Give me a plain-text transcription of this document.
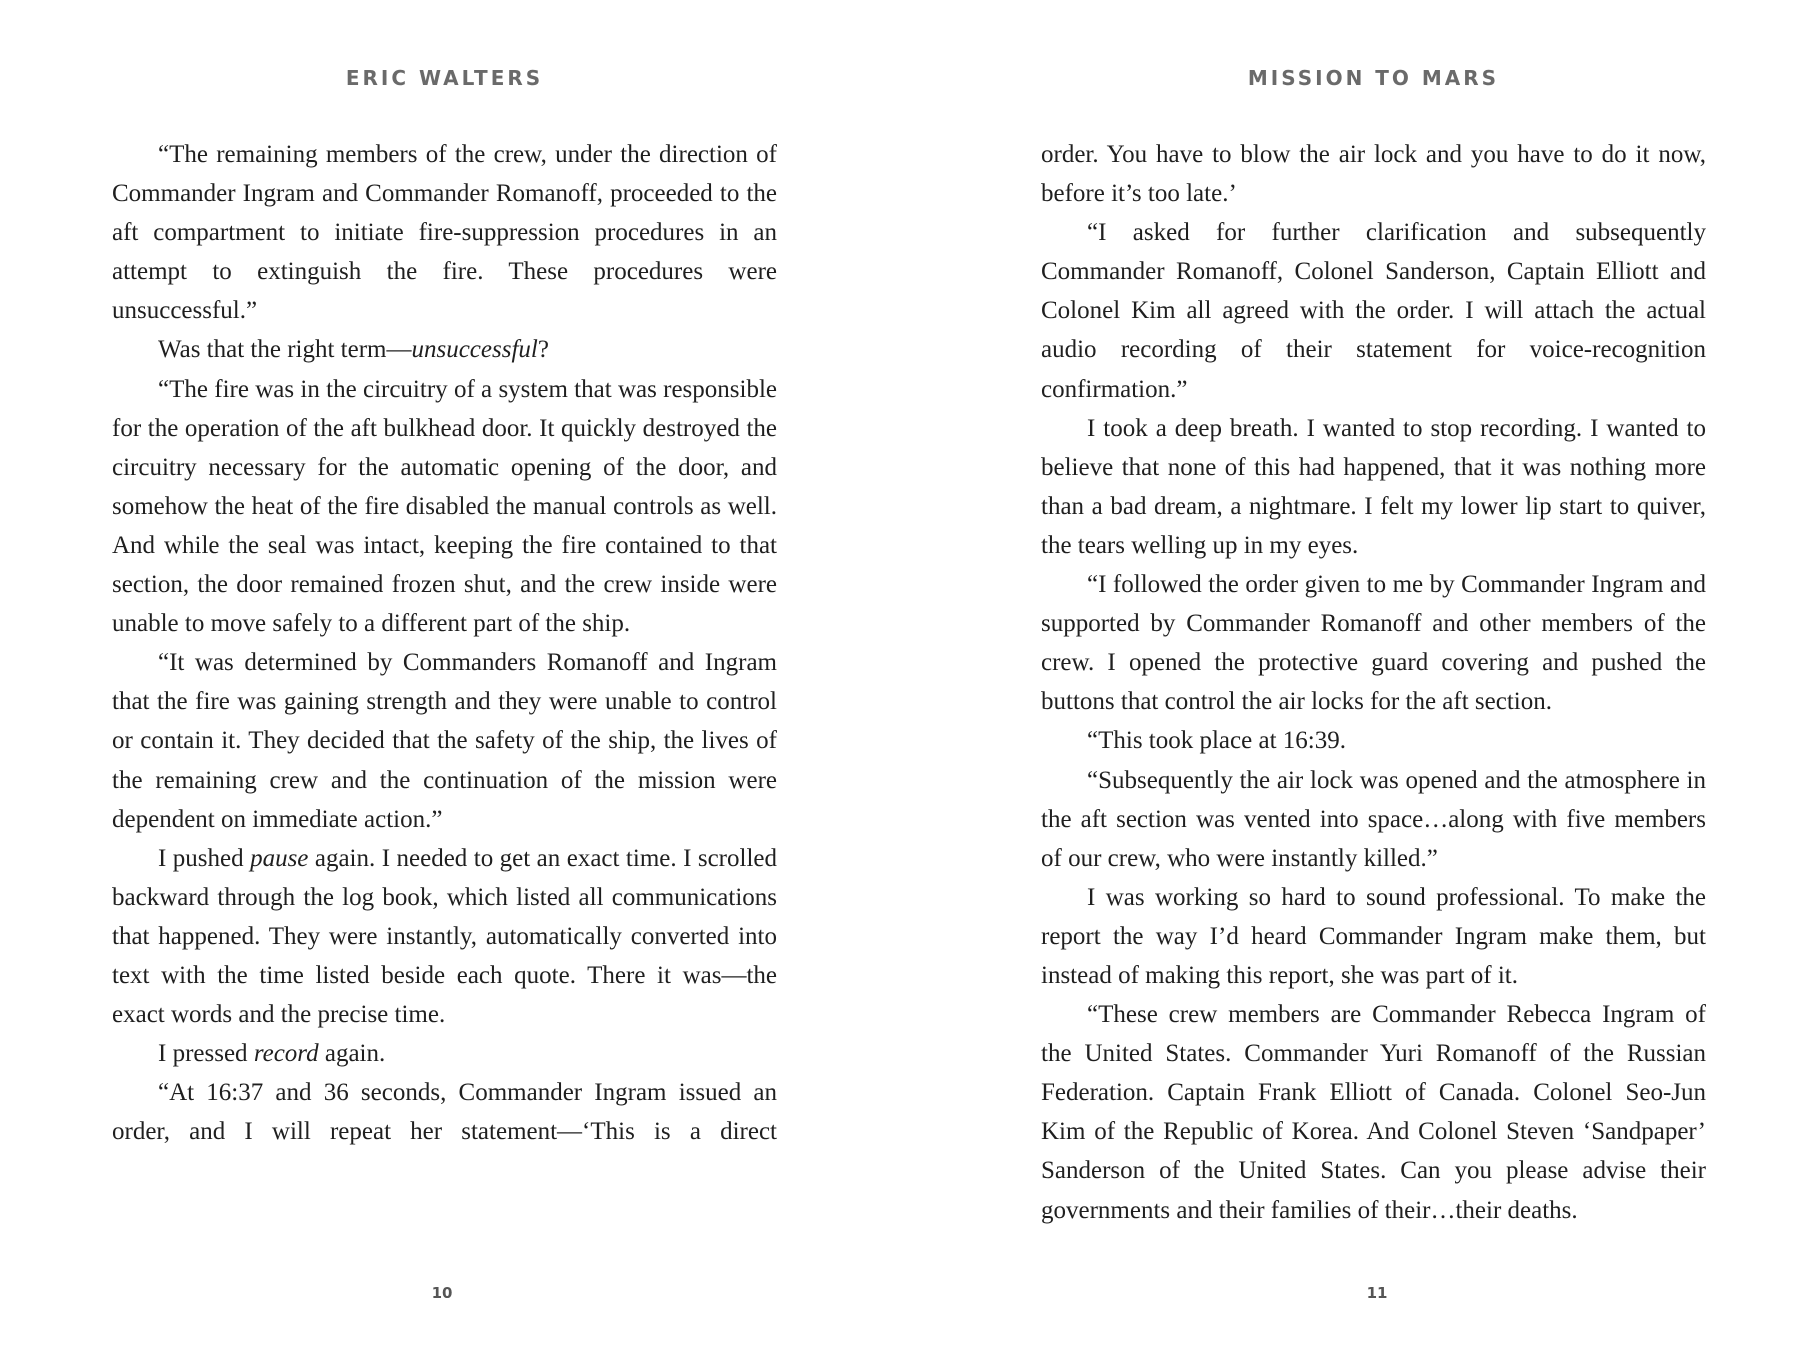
ERIC WALTERS

“The remaining members of the crew, under the direction of Commander Ingram and Commander Romanoff, proceeded to the aft compartment to initiate fire-suppression procedures in an attempt to extinguish the fire. These procedures were unsuccessful.”

Was that the right term—unsuccessful?

“The fire was in the circuitry of a system that was responsible for the operation of the aft bulkhead door. It quickly destroyed the circuitry necessary for the automatic opening of the door, and somehow the heat of the fire disabled the manual controls as well. And while the seal was intact, keeping the fire contained to that section, the door remained frozen shut, and the crew inside were unable to move safely to a different part of the ship.

“It was determined by Commanders Romanoff and Ingram that the fire was gaining strength and they were unable to control or contain it. They decided that the safety of the ship, the lives of the remaining crew and the continuation of the mission were dependent on immediate action.”

I pushed pause again. I needed to get an exact time. I scrolled backward through the log book, which listed all communications that happened. They were instantly, automatically converted into text with the time listed beside each quote. There it was—the exact words and the precise time.

I pressed record again.

“At 16:37 and 36 seconds, Commander Ingram issued an order, and I will repeat her statement—‘This is a direct

10
MISSION TO MARS

order. You have to blow the air lock and you have to do it now, before it’s too late.’

“I asked for further clarification and subsequently Commander Romanoff, Colonel Sanderson, Captain Elliott and Colonel Kim all agreed with the order. I will attach the actual audio recording of their statement for voice-recognition confirmation.”

I took a deep breath. I wanted to stop recording. I wanted to believe that none of this had happened, that it was nothing more than a bad dream, a nightmare. I felt my lower lip start to quiver, the tears welling up in my eyes.

“I followed the order given to me by Commander Ingram and supported by Commander Romanoff and other members of the crew. I opened the protective guard covering and pushed the buttons that control the air locks for the aft section.

“This took place at 16:39.

“Subsequently the air lock was opened and the atmosphere in the aft section was vented into space…along with five members of our crew, who were instantly killed.”

I was working so hard to sound professional. To make the report the way I’d heard Commander Ingram make them, but instead of making this report, she was part of it.

“These crew members are Commander Rebecca Ingram of the United States. Commander Yuri Romanoff of the Russian Federation. Captain Frank Elliott of Canada. Colonel Seo-Jun Kim of the Republic of Korea. And Colonel Steven ‘Sandpaper’ Sanderson of the United States. Can you please advise their governments and their families of their…their deaths.

11
